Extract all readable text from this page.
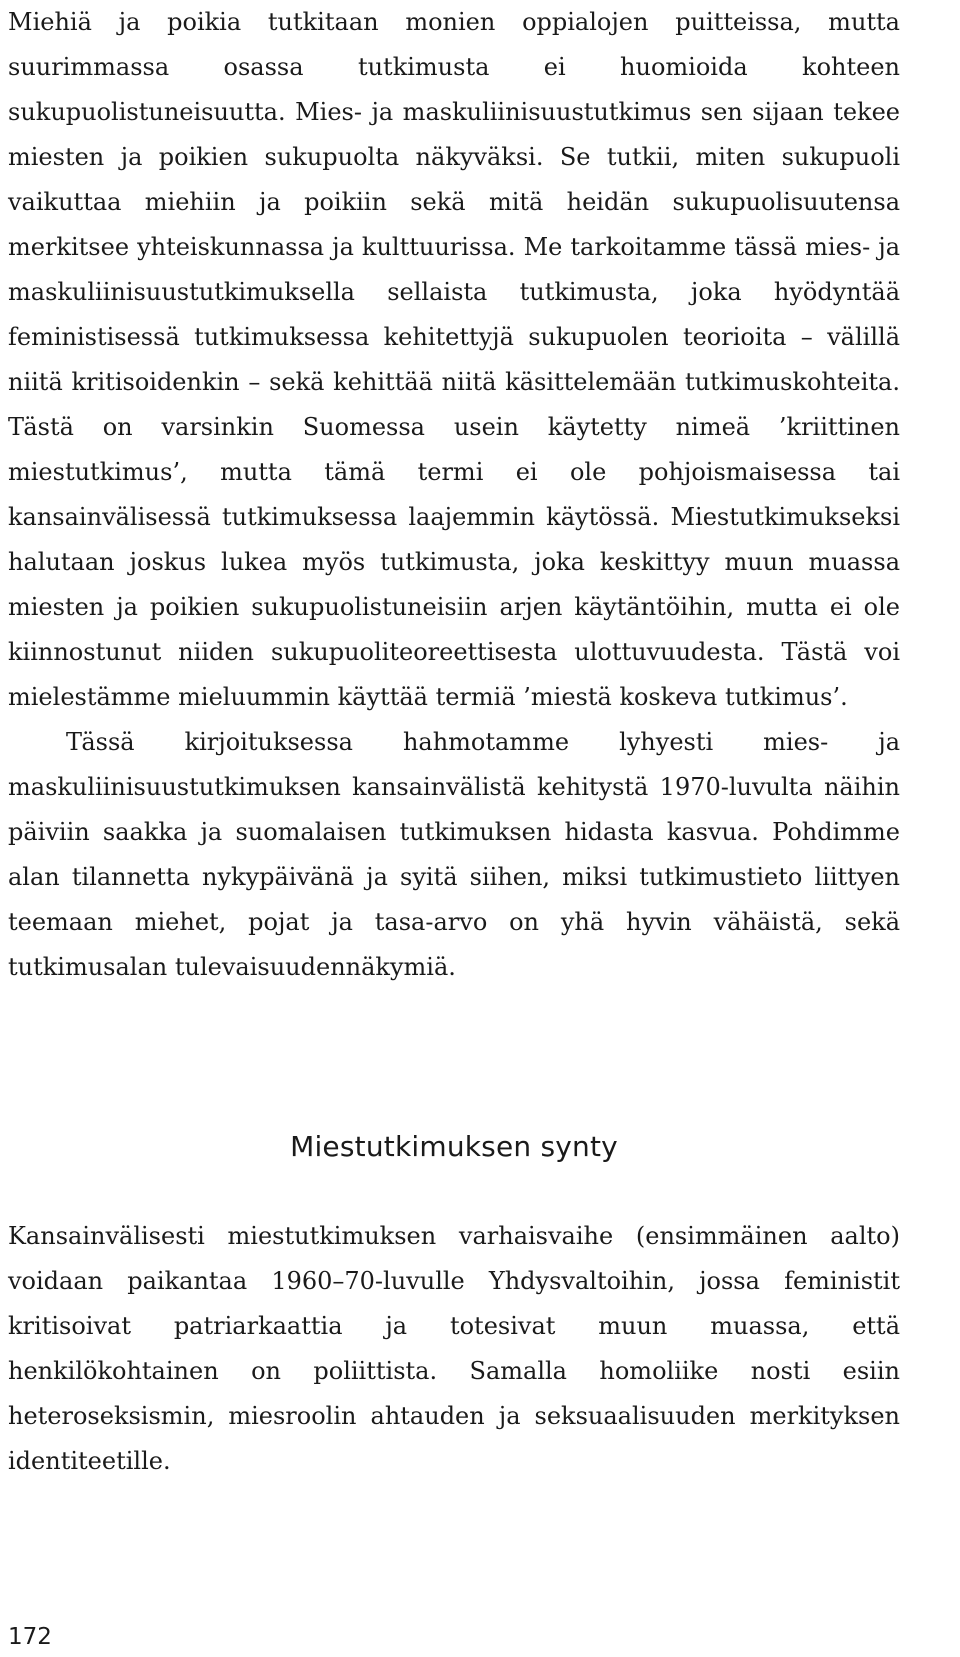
Miehiä ja poikia tutkitaan monien oppialojen puitteissa, mutta suurimmassa osassa tutkimusta ei huomioida kohteen sukupuolistuneisuutta. Mies- ja maskuliinisuustutkimus sen sijaan tekee miesten ja poikien sukupuolta näkyväksi. Se tutkii, miten sukupuoli vaikuttaa miehiin ja poikiin sekä mitä heidän sukupuolisuutensa merkitsee yhteiskunnassa ja kulttuurissa. Me tarkoitamme tässä mies- ja maskuliinisuustutkimuksella sellaista tutkimusta, joka hyödyntää feministisessä tutkimuksessa kehitettyjä sukupuolen teorioita – välillä niitä kritisoidenkin – sekä kehittää niitä käsittelemään tutkimuskohteita. Tästä on varsinkin Suomessa usein käytetty nimeä ’kriittinen miestutkimus’, mutta tämä termi ei ole pohjoismaisessa tai kansainvälisessä tutkimuksessa laajemmin käytössä. Miestutkimukseksi halutaan joskus lukea myös tutkimusta, joka keskittyy muun muassa miesten ja poikien sukupuolistuneisiin arjen käytäntöihin, mutta ei ole kiinnostunut niiden sukupuoliteoreettisesta ulottuvuudesta. Tästä voi mielestämme mieluummin käyttää termiä ’miestä koskeva tutkimus’.

Tässä kirjoituksessa hahmotamme lyhyesti mies- ja maskuliinisuustutkimuksen kansainvälistä kehitystä 1970-luvulta näihin päiviin saakka ja suomalaisen tutkimuksen hidasta kasvua. Pohdimme alan tilannetta nykypäivänä ja syitä siihen, miksi tutkimustieto liittyen teemaan miehet, pojat ja tasa-arvo on yhä hyvin vähäistä, sekä tutkimusalan tulevaisuudennäkymiä.

Miestutkimuksen synty

Kansainvälisesti miestutkimuksen varhaisvaihe (ensimmäinen aalto) voidaan paikantaa 1960–70-luvulle Yhdysvaltoihin, jossa feministit kritisoivat patriarkaattia ja totesivat muun muassa, että henkilökohtainen on poliittista. Samalla homoliike nosti esiin heteroseksismin, miesroolin ahtauden ja seksuaalisuuden merkityksen identiteetille.

172
